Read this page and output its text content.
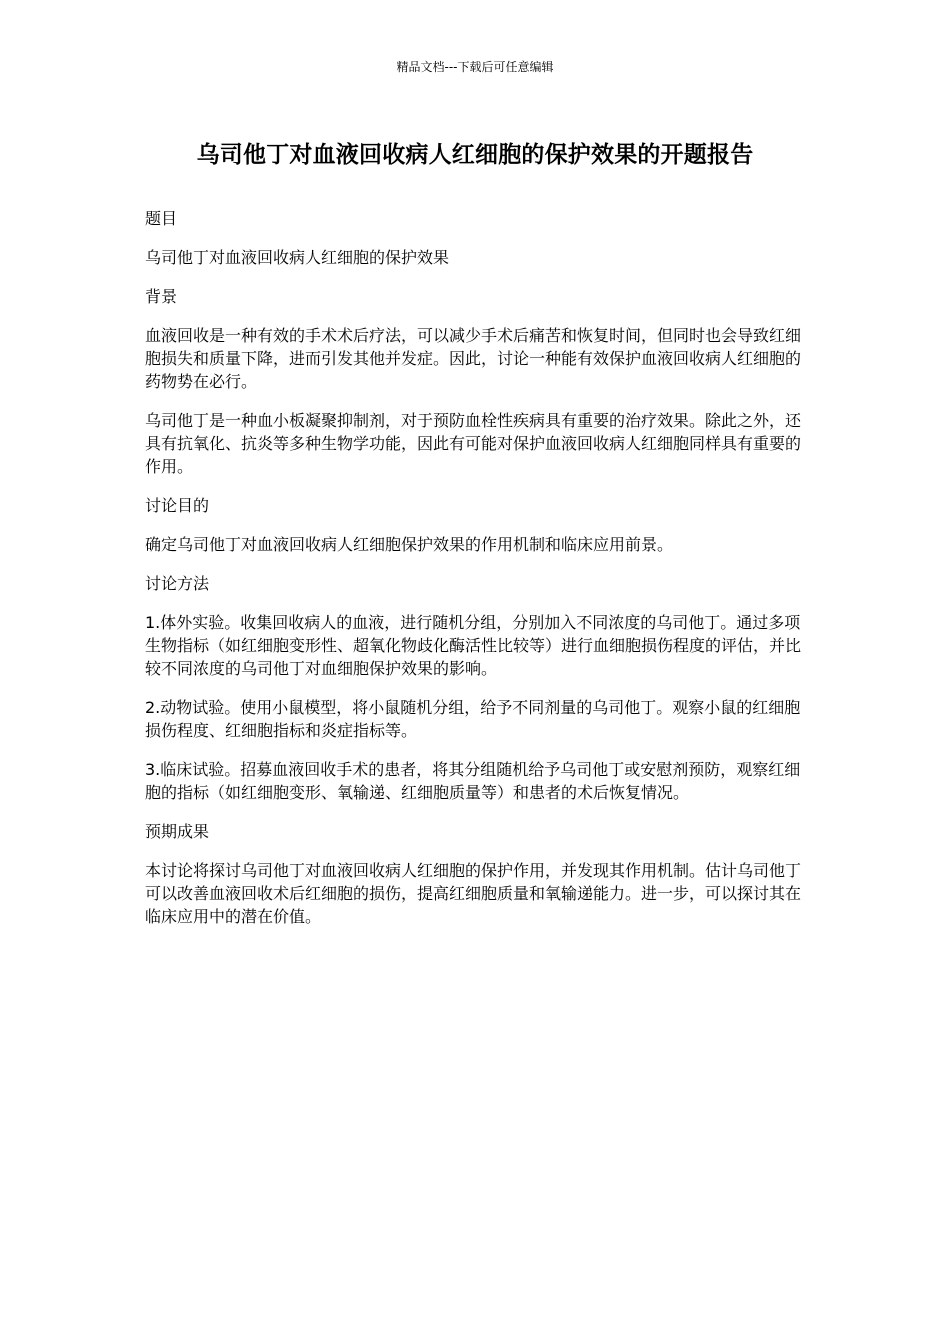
精品文档---下载后可任意编辑
乌司他丁对血液回收病人红细胞的保护效果的开题报告

题目

乌司他丁对血液回收病人红细胞的保护效果

背景

血液回收是一种有效的手术术后疗法，可以减少手术后痛苦和恢复时间，但同时也会导致红细胞损失和质量下降，进而引发其他并发症。因此，讨论一种能有效保护血液回收病人红细胞的药物势在必行。

乌司他丁是一种血小板凝聚抑制剂，对于预防血栓性疾病具有重要的治疗效果。除此之外，还具有抗氧化、抗炎等多种生物学功能，因此有可能对保护血液回收病人红细胞同样具有重要的作用。

讨论目的

确定乌司他丁对血液回收病人红细胞保护效果的作用机制和临床应用前景。

讨论方法

1.体外实验。收集回收病人的血液，进行随机分组，分别加入不同浓度的乌司他丁。通过多项生物指标（如红细胞变形性、超氧化物歧化酶活性比较等）进行血细胞损伤程度的评估，并比较不同浓度的乌司他丁对血细胞保护效果的影响。

2.动物试验。使用小鼠模型，将小鼠随机分组，给予不同剂量的乌司他丁。观察小鼠的红细胞损伤程度、红细胞指标和炎症指标等。

3.临床试验。招募血液回收手术的患者，将其分组随机给予乌司他丁或安慰剂预防，观察红细胞的指标（如红细胞变形、氧输递、红细胞质量等）和患者的术后恢复情况。

预期成果

本讨论将探讨乌司他丁对血液回收病人红细胞的保护作用，并发现其作用机制。估计乌司他丁可以改善血液回收术后红细胞的损伤，提高红细胞质量和氧输递能力。进一步，可以探讨其在临床应用中的潜在价值。
